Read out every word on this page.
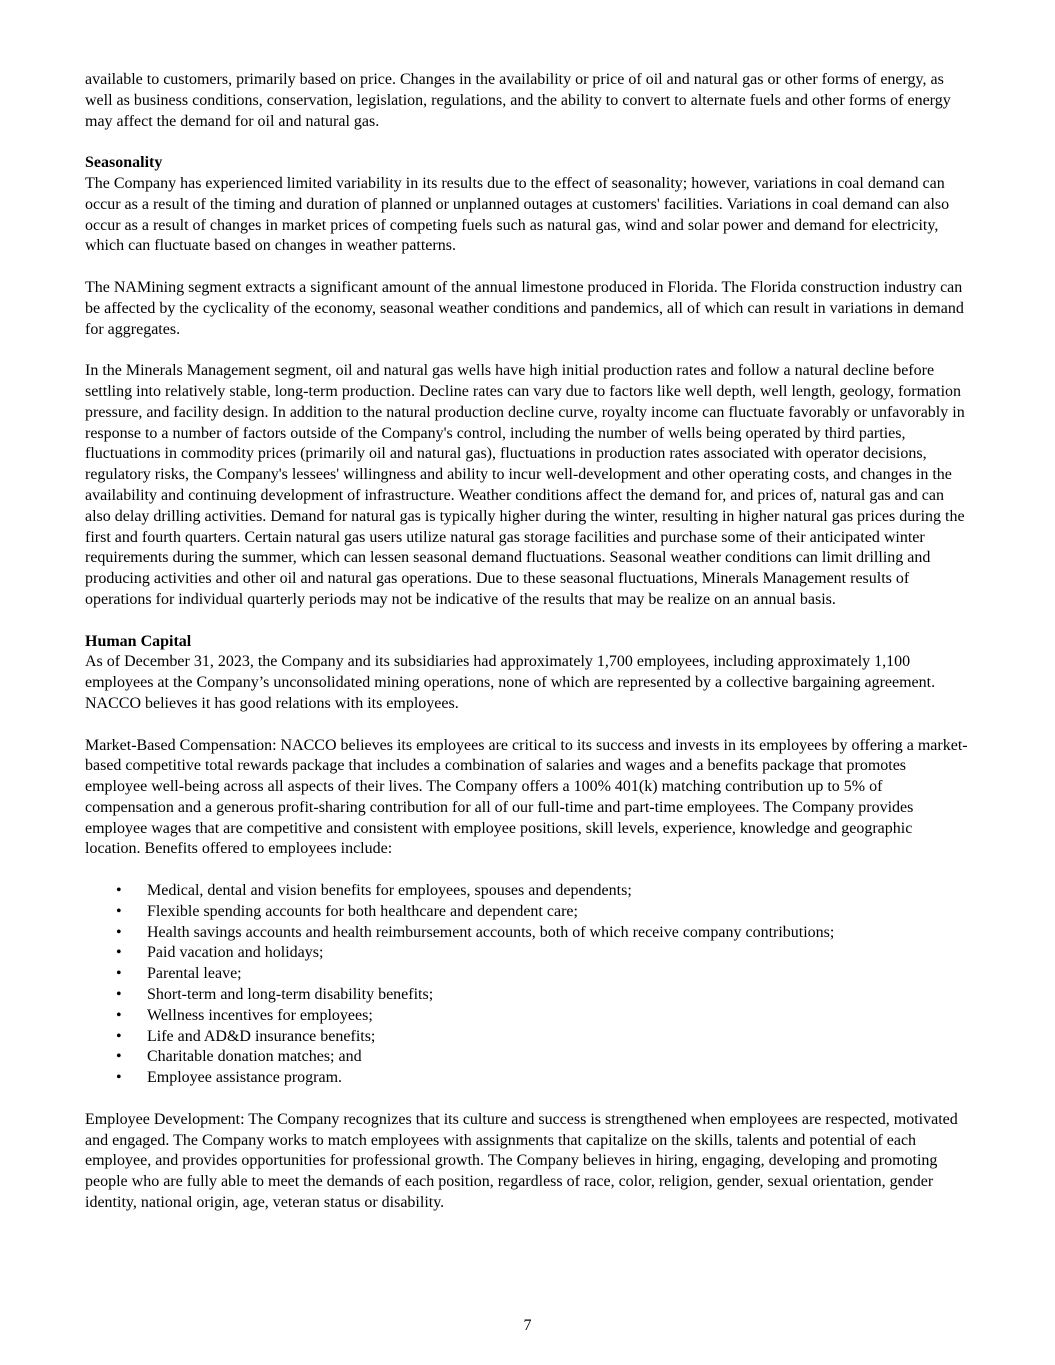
available to customers, primarily based on price. Changes in the availability or price of oil and natural gas or other forms of energy, as well as business conditions, conservation, legislation, regulations, and the ability to convert to alternate fuels and other forms of energy may affect the demand for oil and natural gas.

Seasonality

The Company has experienced limited variability in its results due to the effect of seasonality; however, variations in coal demand can occur as a result of the timing and duration of planned or unplanned outages at customers' facilities. Variations in coal demand can also occur as a result of changes in market prices of competing fuels such as natural gas, wind and solar power and demand for electricity, which can fluctuate based on changes in weather patterns.

The NAMining segment extracts a significant amount of the annual limestone produced in Florida. The Florida construction industry can be affected by the cyclicality of the economy, seasonal weather conditions and pandemics, all of which can result in variations in demand for aggregates.

In the Minerals Management segment, oil and natural gas wells have high initial production rates and follow a natural decline before settling into relatively stable, long-term production. Decline rates can vary due to factors like well depth, well length, geology, formation pressure, and facility design. In addition to the natural production decline curve, royalty income can fluctuate favorably or unfavorably in response to a number of factors outside of the Company's control, including the number of wells being operated by third parties, fluctuations in commodity prices (primarily oil and natural gas), fluctuations in production rates associated with operator decisions, regulatory risks, the Company's lessees' willingness and ability to incur well-development and other operating costs, and changes in the availability and continuing development of infrastructure. Weather conditions affect the demand for, and prices of, natural gas and can also delay drilling activities. Demand for natural gas is typically higher during the winter, resulting in higher natural gas prices during the first and fourth quarters. Certain natural gas users utilize natural gas storage facilities and purchase some of their anticipated winter requirements during the summer, which can lessen seasonal demand fluctuations. Seasonal weather conditions can limit drilling and producing activities and other oil and natural gas operations. Due to these seasonal fluctuations, Minerals Management results of operations for individual quarterly periods may not be indicative of the results that may be realize on an annual basis.

Human Capital

As of December 31, 2023, the Company and its subsidiaries had approximately 1,700 employees, including approximately 1,100 employees at the Company’s unconsolidated mining operations, none of which are represented by a collective bargaining agreement. NACCO believes it has good relations with its employees.

Market-Based Compensation: NACCO believes its employees are critical to its success and invests in its employees by offering a market-based competitive total rewards package that includes a combination of salaries and wages and a benefits package that promotes employee well-being across all aspects of their lives. The Company offers a 100% 401(k) matching contribution up to 5% of compensation and a generous profit-sharing contribution for all of our full-time and part-time employees. The Company provides employee wages that are competitive and consistent with employee positions, skill levels, experience, knowledge and geographic location. Benefits offered to employees include:

• Medical, dental and vision benefits for employees, spouses and dependents;
• Flexible spending accounts for both healthcare and dependent care;
• Health savings accounts and health reimbursement accounts, both of which receive company contributions;
• Paid vacation and holidays;
• Parental leave;
• Short-term and long-term disability benefits;
• Wellness incentives for employees;
• Life and AD&D insurance benefits;
• Charitable donation matches; and
• Employee assistance program.

Employee Development: The Company recognizes that its culture and success is strengthened when employees are respected, motivated and engaged. The Company works to match employees with assignments that capitalize on the skills, talents and potential of each employee, and provides opportunities for professional growth. The Company believes in hiring, engaging, developing and promoting people who are fully able to meet the demands of each position, regardless of race, color, religion, gender, sexual orientation, gender identity, national origin, age, veteran status or disability.

7
